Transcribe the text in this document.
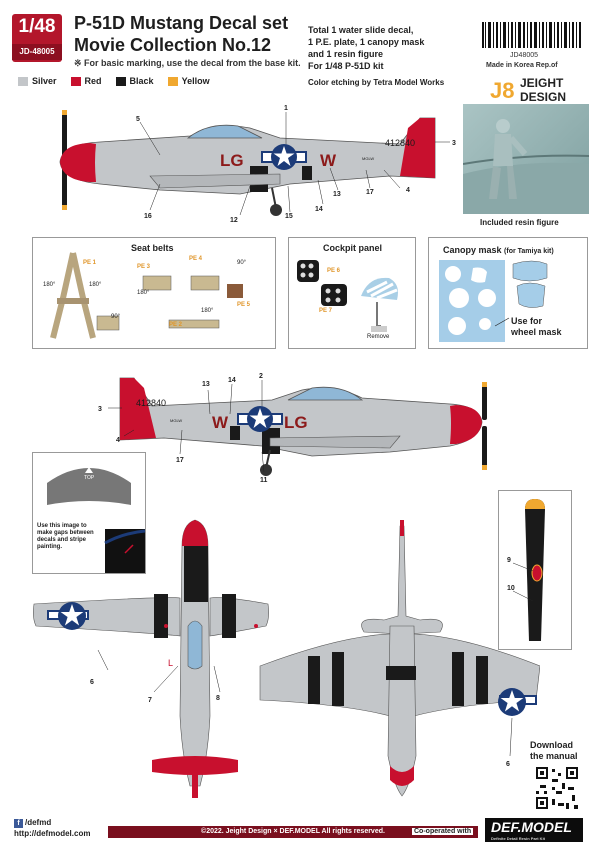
1/48
JD-48005
P-51D Mustang Decal set
Movie Collection No.12
※ For basic marking, use the decal from the base kit.
Silver	Red	Black	Yellow
Total 1 water slide decal,
1 P.E. plate, 1 canopy mask
and 1 resin figure
For 1/48 P-51D kit
Color etching by Tetra Model Works
JD48005
Made in Korea Rep.of
J8 JEIGHT
DESIGN
Included resin figure
LG	W
412840
MGLW
1
3
4
5
12
13
14
15
16
17
Seat belts
PE 1
PE 3
PE 4
PE 5
PE 2
180°	180°
90°
180°
90°
180°
Cockpit panel
PE 6
PE 7
Remove
Canopy mask (for Tamiya kit)
Use for
wheel mask
W	LG
412840
MGLW
2
3
4
11
13
14
17
TOP
Use this image to
make gaps between
decals and stripe
painting.
9
10
L
6
7	8
6
Download
the manual
f /defmd
http://defmodel.com	©2022. Jeight Design × DEF.MODEL All rights reserved.	DEF.MODEL
Definite Detail Resin Part Kit
Co-operated with
